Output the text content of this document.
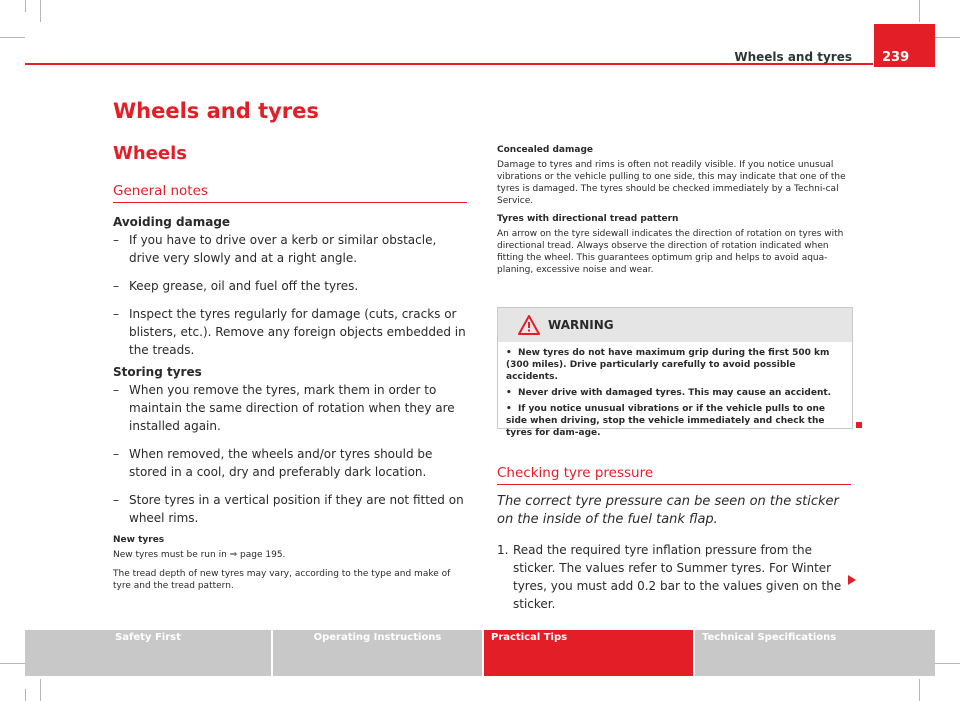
Wheels and tyres	239
Wheels and tyres
Wheels
General notes
Avoiding damage
– If you have to drive over a kerb or similar obstacle, drive very slowly and at a right angle.
– Keep grease, oil and fuel off the tyres.
– Inspect the tyres regularly for damage (cuts, cracks or blisters, etc.). Remove any foreign objects embedded in the treads.
Storing tyres
– When you remove the tyres, mark them in order to maintain the same direction of rotation when they are installed again.
– When removed, the wheels and/or tyres should be stored in a cool, dry and preferably dark location.
– Store tyres in a vertical position if they are not fitted on wheel rims.
New tyres
New tyres must be run in ⇒ page 195.
The tread depth of new tyres may vary, according to the type and make of tyre and the tread pattern.
Concealed damage
Damage to tyres and rims is often not readily visible. If you notice unusual vibrations or the vehicle pulling to one side, this may indicate that one of the tyres is damaged. The tyres should be checked immediately by a Techni-cal Service.
Tyres with directional tread pattern
An arrow on the tyre sidewall indicates the direction of rotation on tyres with directional tread. Always observe the direction of rotation indicated when fitting the wheel. This guarantees optimum grip and helps to avoid aqua-planing, excessive noise and wear.
WARNING
• New tyres do not have maximum grip during the first 500 km (300 miles). Drive particularly carefully to avoid possible accidents.
• Never drive with damaged tyres. This may cause an accident.
• If you notice unusual vibrations or if the vehicle pulls to one side when driving, stop the vehicle immediately and check the tyres for dam-age.
Checking tyre pressure
The correct tyre pressure can be seen on the sticker on the inside of the fuel tank flap.
1. Read the required tyre inflation pressure from the sticker. The values refer to Summer tyres. For Winter tyres, you must add 0.2 bar to the values given on the sticker.
Safety First	Operating Instructions	Practical Tips	Technical Specifications
